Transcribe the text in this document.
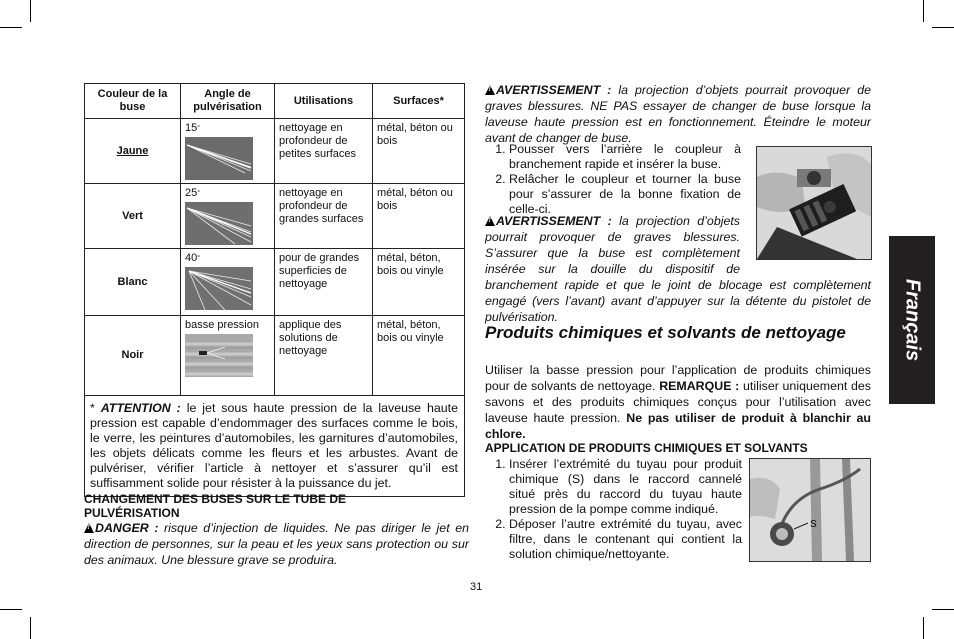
Couleur de la buse	Angle de pulvérisation	Utilisations	Surfaces*
Jaune	15°	nettoyage en profondeur de petites surfaces	métal, béton ou bois
Vert	25°	nettoyage en profondeur de grandes surfaces	métal, béton ou bois
Blanc	40°	pour de grandes superficies de nettoyage	métal, béton, bois ou vinyle
Noir	basse pression	applique des solutions de nettoyage	métal, béton, bois ou vinyle
* ATTENTION : le jet sous haute pression de la laveuse haute pression est capable d’endommager des surfaces comme le bois, le verre, les peintures d’automobiles, les garnitures d’automobiles, les objets délicats comme les fleurs et les arbustes. Avant de pulvériser, vérifier l’article à nettoyer et s’assurer qu’il est suffisamment solide pour résister à la puissance du jet.			
CHANGEMENT DES BUSES SUR LE TUBE DE PULVÉRISATION
!DANGER : risque d’injection de liquides. Ne pas diriger le jet en direction de personnes, sur la peau et les yeux sans protection ou sur des animaux. Une blessure grave se produira.
!AVERTISSEMENT : la projection d’objets pourrait provoquer de graves blessures. NE PAS essayer de changer de buse lorsque la laveuse haute pression est en fonctionnement. Éteindre le moteur avant de changer de buse.
1. Pousser vers l’arrière le coupleur à branchement rapide et insérer la buse.
2. Relâcher le coupleur et tourner la buse pour s’assurer de la bonne fixation de celle-ci.
!AVERTISSEMENT : la projection d’objets pourrait provoquer de graves blessures. S’assurer que la buse est complètement insérée sur la douille du dispositif de branchement rapide et que le joint de blocage est complètement engagé (vers l’avant) avant d’appuyer sur la détente du pistolet de pulvérisation.
Produits chimiques et solvants de nettoyage
Utiliser la basse pression pour l’application de produits chimiques pour de solvants de nettoyage. REMARQUE : utiliser uniquement des savons et des produits chimiques conçus pour l’utilisation avec laveuse haute pression. Ne pas utiliser de produit à blanchir au chlore.
APPLICATION DE PRODUITS CHIMIQUES ET SOLVANTS
1. Insérer l’extrémité du tuyau pour produit chimique (S) dans le raccord cannelé situé près du raccord du tuyau haute pression de la pompe comme indiqué.
2. Déposer l’autre extrémité du tuyau, avec filtre, dans le contenant qui contient la solution chimique/nettoyante.
S
Français
31
